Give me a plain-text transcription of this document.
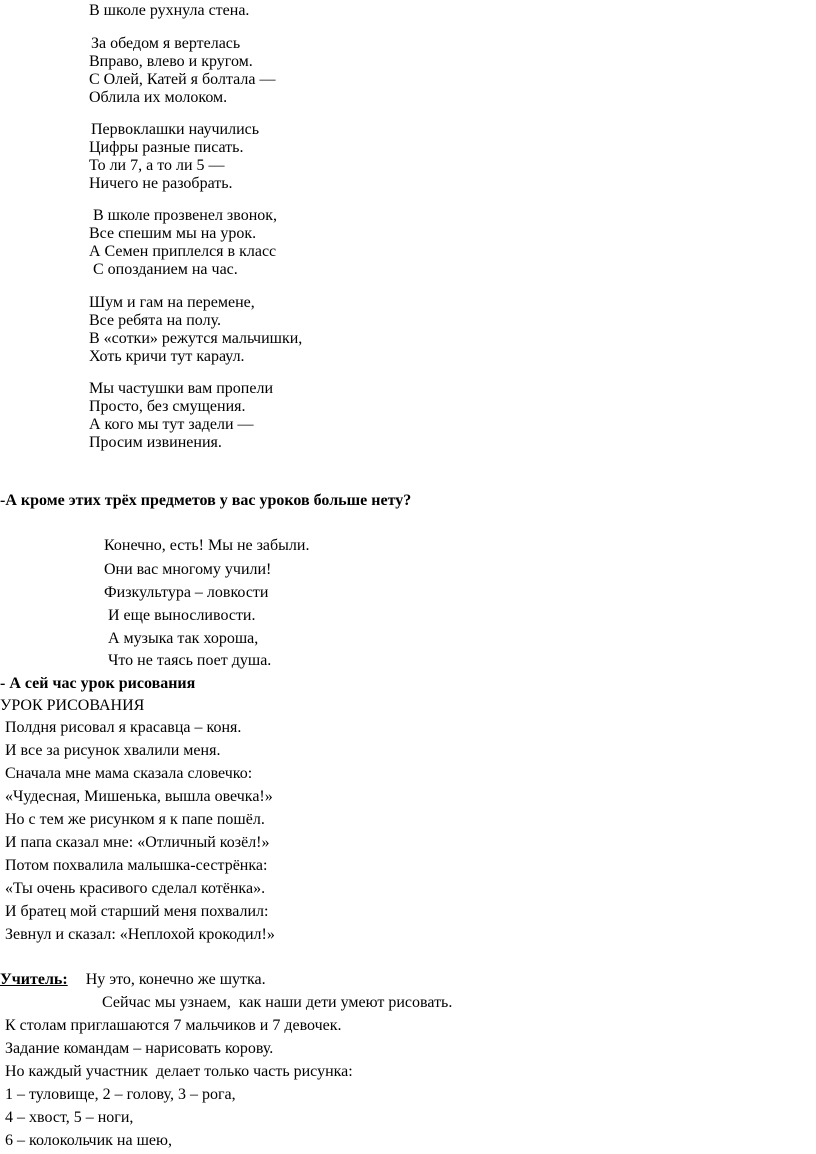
В школе рухнула стена.
За обедом я вертелась
Вправо, влево и кругом.
С Олей, Катей я болтала —
Облила их молоком.
Первоклашки научились
Цифры разные писать.
То ли 7, а то ли 5 —
Ничего не разобрать.
В школе прозвенел звонок,
Все спешим мы на урок.
А Семен приплелся в класс
С опозданием на час.
Шум и гам на перемене,
Все ребята на полу.
В «сотки» режутся мальчишки,
Хоть кричи тут караул.
Мы частушки вам пропели
Просто, без смущения.
А кого мы тут задели —
Просим извинения.
-А кроме этих трёх предметов у вас уроков больше нету?
Конечно, есть! Мы не забыли.
Они вас многому учили!
Физкультура – ловкости
И еще выносливости.
А музыка так хороша,
Что не таясь поет душа.
- А сей час урок рисования
УРОК РИСОВАНИЯ
Полдня рисовал я красавца – коня.
И все за рисунок хвалили меня.
Сначала мне мама сказала словечко:
«Чудесная, Мишенька, вышла овечка!»
Но с тем же рисунком я к папе пошёл.
И папа сказал мне: «Отличный козёл!»
Потом похвалила малышка-сестрёнка:
«Ты очень красивого сделал котёнка».
И братец мой старший меня похвалил:
Зевнул и сказал: «Неплохой крокодил!»
Учитель: Ну это, конечно же шутка.
Сейчас мы узнаем,  как наши дети умеют рисовать.
К столам приглашаются 7 мальчиков и 7 девочек.
Задание командам – нарисовать корову.
Но каждый участник  делает только часть рисунка:
1 – туловище, 2 – голову, 3 – рога,
4 – хвост, 5 – ноги,
6 – колокольчик на шею,
